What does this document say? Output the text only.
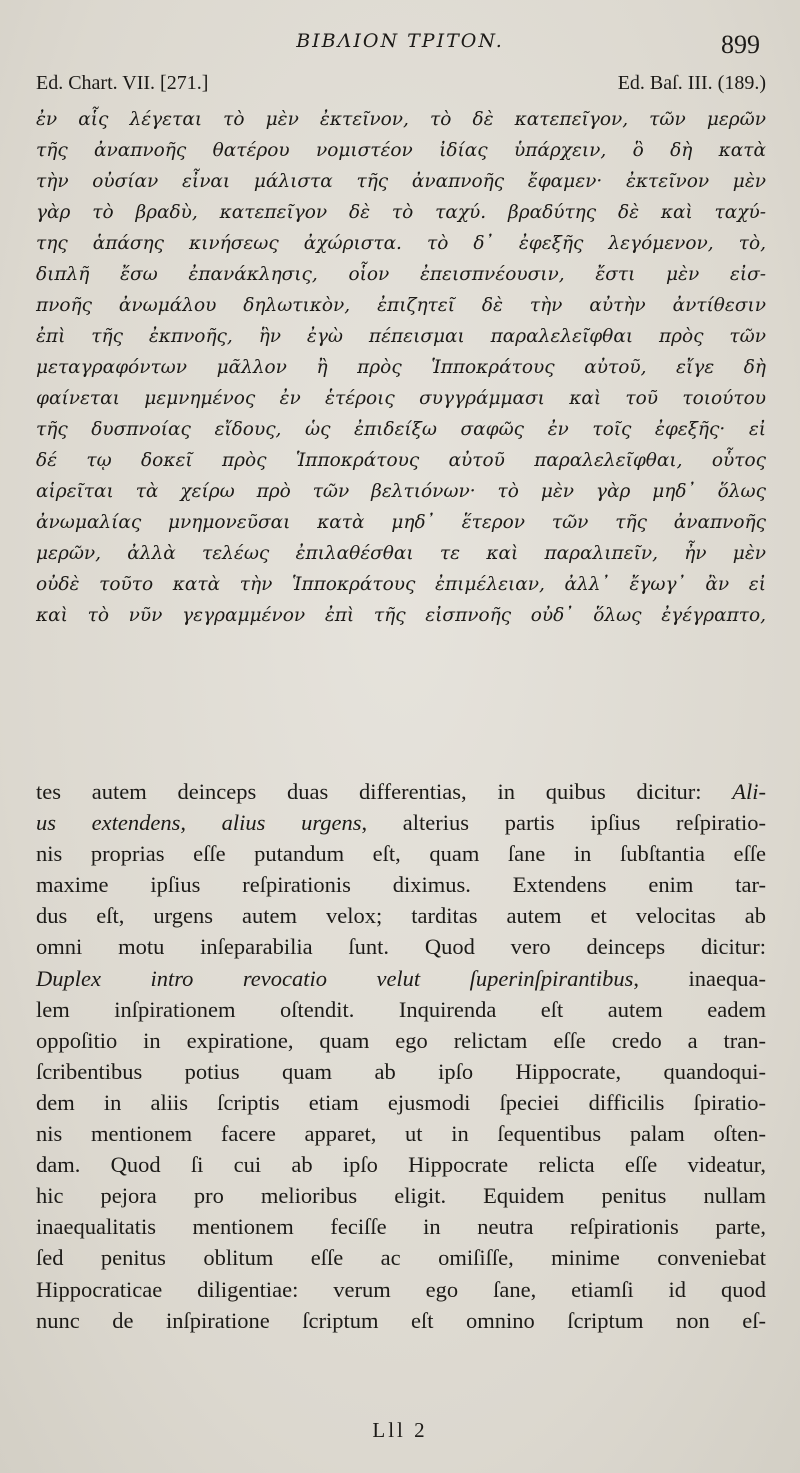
BIBΛION TPITON.	899
Ed. Chart. VII. [271.]	Ed. Baſ. III. (189.)
ἐν αἷς λέγεται τὸ μὲν ἐκτεῖνον, τὸ δὲ κατεπεῖγον, τῶν μερῶν
τῆς ἀναπνοῆς θατέρου νομιστέον ἰδίας ὑπάρχειν, ὃ δὴ κατὰ
τὴν οὐσίαν εἶναι μάλιστα τῆς ἀναπνοῆς ἔφαμεν· ἐκτεῖνον μὲν
γὰρ τὸ βραδὺ, κατεπεῖγον δὲ τὸ ταχύ. βραδύτης δὲ καὶ ταχύ-
της ἁπάσης κινήσεως ἀχώριστα. τὸ δ᾽ ἐφεξῆς λεγόμενον, τὸ,
διπλῆ ἔσω ἐπανάκλησις, οἷον ἐπεισπνέουσιν, ἔστι μὲν εἰσ-
πνοῆς ἀνωμάλου δηλωτικὸν, ἐπιζητεῖ δὲ τὴν αὐτὴν ἀντίθεσιν
ἐπὶ τῆς ἐκπνοῆς, ἣν ἐγὼ πέπεισμαι παραλελεῖφθαι πρὸς τῶν
μεταγραφόντων μᾶλλον ἢ πρὸς Ἱπποκράτους αὐτοῦ, εἴγε δὴ
φαίνεται μεμνημένος ἐν ἑτέροις συγγράμμασι καὶ τοῦ τοιούτου
τῆς δυσπνοίας εἴδους, ὡς ἐπιδείξω σαφῶς ἐν τοῖς ἐφεξῆς· εἰ
δέ τῳ δοκεῖ πρὸς Ἱπποκράτους αὐτοῦ παραλελεῖφθαι, οὗτος
αἱρεῖται τὰ χείρω πρὸ τῶν βελτιόνων· τὸ μὲν γὰρ μηδ᾽ ὅλως
ἀνωμαλίας μνημονεῦσαι κατὰ μηδ᾽ ἕτερον τῶν τῆς ἀναπνοῆς
μερῶν, ἀλλὰ τελέως ἐπιλαθέσθαι τε καὶ παραλιπεῖν, ἦν μὲν
οὐδὲ τοῦτο κατὰ τὴν Ἱπποκράτους ἐπιμέλειαν, ἀλλ᾽ ἔγωγ᾽ ἂν εἰ
καὶ τὸ νῦν γεγραμμένον ἐπὶ τῆς εἰσπνοῆς οὐδ᾽ ὅλως ἐγέγραπτο,
tes autem deinceps duas differentias, in quibus dicitur: Ali-
us extendens, alius urgens, alterius partis ipſius reſpiratio-
nis proprias eſſe putandum eſt, quam ſane in ſubſtantia eſſe
maxime ipſius reſpirationis diximus. Extendens enim tar-
dus eſt, urgens autem velox; tarditas autem et velocitas ab
omni motu inſeparabilia ſunt. Quod vero deinceps dicitur:
Duplex intro revocatio velut ſuperinſpirantibus, inaequa-
lem inſpirationem oſtendit. Inquirenda eſt autem eadem
oppoſitio in expiratione, quam ego relictam eſſe credo a tran-
ſcribentibus potius quam ab ipſo Hippocrate, quandoqui-
dem in aliis ſcriptis etiam ejusmodi ſpeciei difficilis ſpiratio-
nis mentionem facere apparet, ut in ſequentibus palam oſten-
dam. Quod ſi cui ab ipſo Hippocrate relicta eſſe videatur,
hic pejora pro melioribus eligit. Equidem penitus nullam
inaequalitatis mentionem feciſſe in neutra reſpirationis parte,
ſed penitus oblitum eſſe ac omiſiſſe, minime conveniebat
Hippocraticae diligentiae: verum ego ſane, etiamſi id quod
nunc de inſpiratione ſcriptum eſt omnino ſcriptum non eſ-
Lll 2
